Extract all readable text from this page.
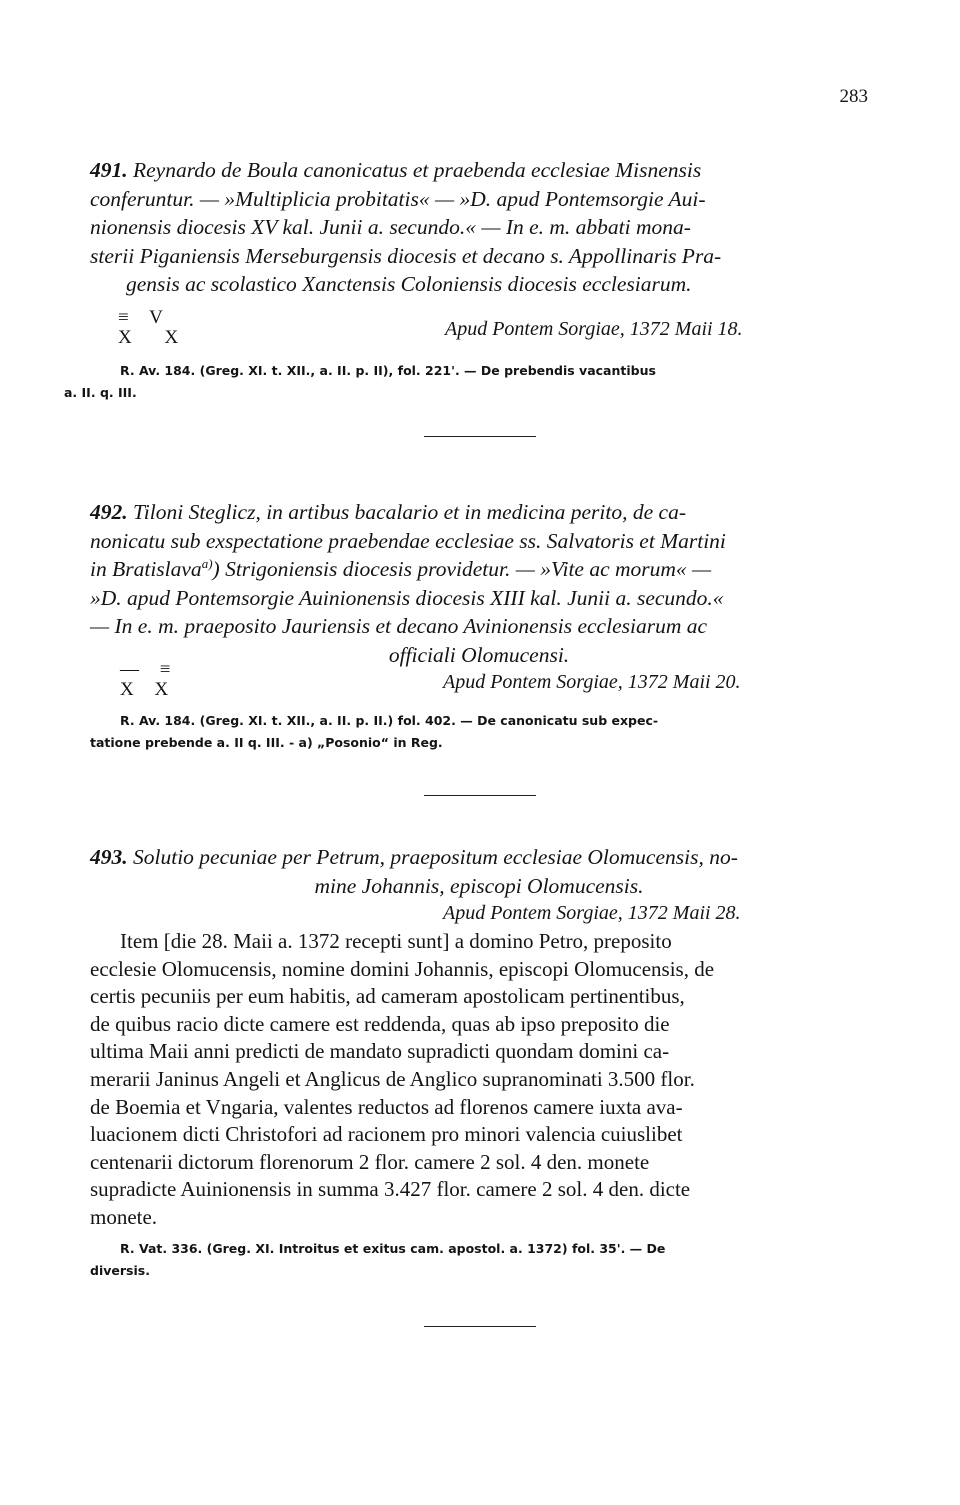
283
491. Reynardo de Boula canonicatus et praebenda ecclesiae Misnensis
conferuntur. — »Multiplicia probitatis« — »D. apud Pontemsorgie Aui-
nionensis diocesis XV kal. Junii a. secundo.« — In e. m. abbati mona-
sterii Piganiensis Merseburgensis diocesis et decano s. Appollinaris Pra-
gensis ac scolastico Xanctensis Coloniensis diocesis ecclesiarum.
≡ V
X X	Apud Pontem Sorgiae, 1372 Maii 18.
R. Av. 184. (Greg. XI. t. XII., a. II. p. II), fol. 221'. — De prebendis vacantibus
a. II. q. III.
492. Tiloni Steglicz, in artibus bacalario et in medicina perito, de ca-
nonicatu sub exspectatione praebendae ecclesiae ss. Salvatoris et Martini
in Bratislava$^{a)}$) Strigoniensis diocesis providetur. — »Vite ac morum« —
»D. apud Pontemsorgie Auinionensis diocesis XIII kal. Junii a. secundo.«
— In e. m. praeposito Jauriensis et decano Avinionensis ecclesiarum ac
officiali Olomucensi.
— ≡
X X	Apud Pontem Sorgiae, 1372 Maii 20.
R. Av. 184. (Greg. XI. t. XII., a. II. p. II.) fol. 402. — De canonicatu sub expec-
tatione prebende a. II q. III. - a) „Posonio“ in Reg.
493. Solutio pecuniae per Petrum, praepositum ecclesiae Olomucensis, no-
mine Johannis, episcopi Olomucensis.
Apud Pontem Sorgiae, 1372 Maii 28.
Item [die 28. Maii a. 1372 recepti sunt] a domino Petro, preposito
ecclesie Olomucensis, nomine domini Johannis, episcopi Olomucensis, de
certis pecuniis per eum habitis, ad cameram apostolicam pertinentibus,
de quibus racio dicte camere est reddenda, quas ab ipso preposito die
ultima Maii anni predicti de mandato supradicti quondam domini ca-
merarii Janinus Angeli et Anglicus de Anglico supranominati 3.500 flor.
de Boemia et Vngaria, valentes reductos ad florenos camere iuxta ava-
luacionem dicti Christofori ad racionem pro minori valencia cuiuslibet
centenarii dictorum florenorum 2 flor. camere 2 sol. 4 den. monete
supradicte Auinionensis in summa 3.427 flor. camere 2 sol. 4 den. dicte
monete.
R. Vat. 336. (Greg. XI. Introitus et exitus cam. apostol. a. 1372) fol. 35'. — De
diversis.
